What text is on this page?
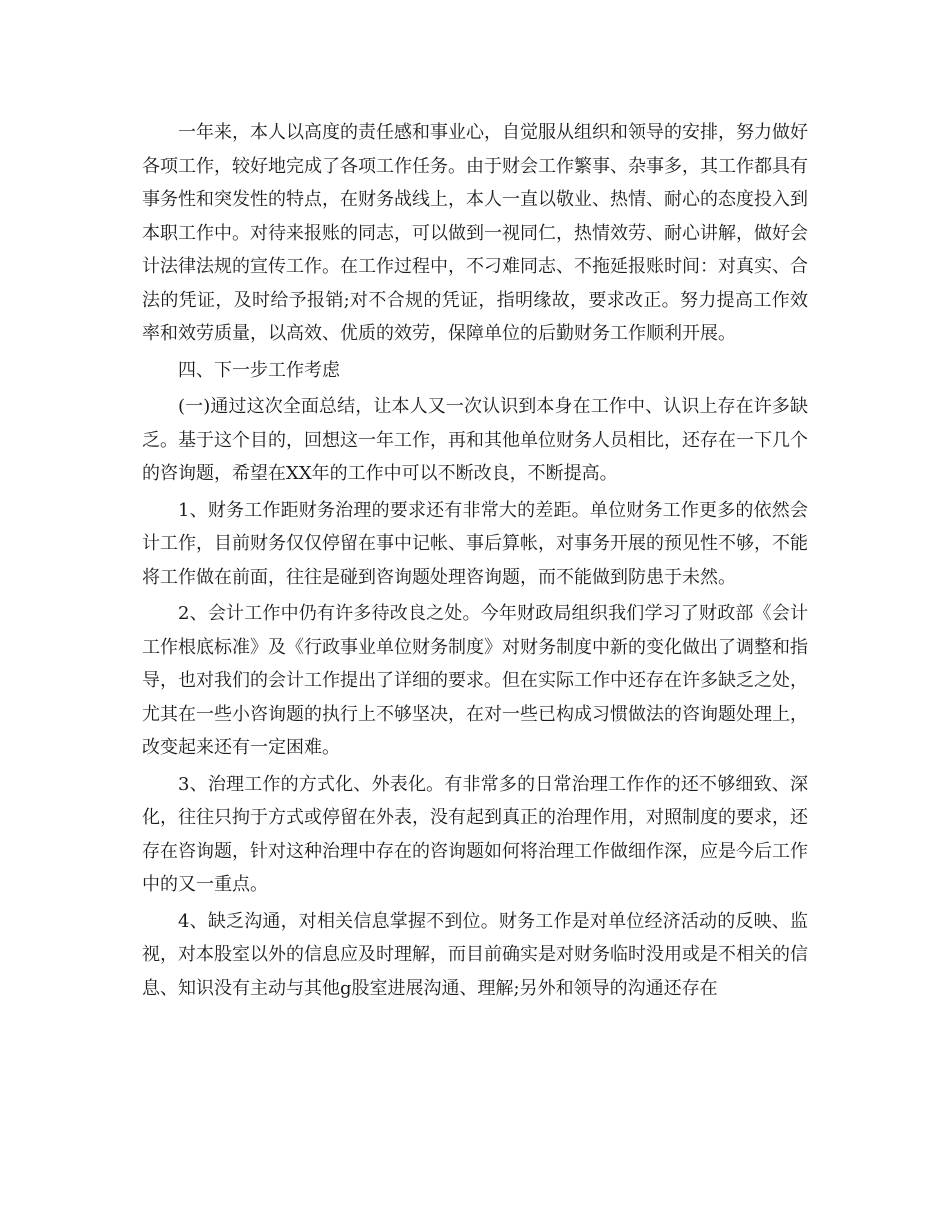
一年来，本人以高度的责任感和事业心，自觉服从组织和领导的安排，努力做好各项工作，较好地完成了各项工作任务。由于财会工作繁事、杂事多，其工作都具有事务性和突发性的特点，在财务战线上，本人一直以敬业、热情、耐心的态度投入到本职工作中。对待来报账的同志，可以做到一视同仁，热情效劳、耐心讲解，做好会计法律法规的宣传工作。在工作过程中，不刁难同志、不拖延报账时间：对真实、合法的凭证，及时给予报销;对不合规的凭证，指明缘故，要求改正。努力提高工作效率和效劳质量，以高效、优质的效劳，保障单位的后勤财务工作顺利开展。

四、下一步工作考虑

(一)通过这次全面总结，让本人又一次认识到本身在工作中、认识上存在许多缺乏。基于这个目的，回想这一年工作，再和其他单位财务人员相比，还存在一下几个的咨询题，希望在XX年的工作中可以不断改良，不断提高。

1、财务工作距财务治理的要求还有非常大的差距。单位财务工作更多的依然会计工作，目前财务仅仅停留在事中记帐、事后算帐，对事务开展的预见性不够，不能将工作做在前面，往往是碰到咨询题处理咨询题，而不能做到防患于未然。

2、会计工作中仍有许多待改良之处。今年财政局组织我们学习了财政部《会计工作根底标准》及《行政事业单位财务制度》对财务制度中新的变化做出了调整和指导，也对我们的会计工作提出了详细的要求。但在实际工作中还存在许多缺乏之处，尤其在一些小咨询题的执行上不够坚决，在对一些已构成习惯做法的咨询题处理上，改变起来还有一定困难。

3、治理工作的方式化、外表化。有非常多的日常治理工作作的还不够细致、深化，往往只拘于方式或停留在外表，没有起到真正的治理作用，对照制度的要求，还存在咨询题，针对这种治理中存在的咨询题如何将治理工作做细作深，应是今后工作中的又一重点。

4、缺乏沟通，对相关信息掌握不到位。财务工作是对单位经济活动的反映、监视，对本股室以外的信息应及时理解，而目前确实是对财务临时没用或是不相关的信息、知识没有主动与其他g股室进展沟通、理解;另外和领导的沟通还存在
